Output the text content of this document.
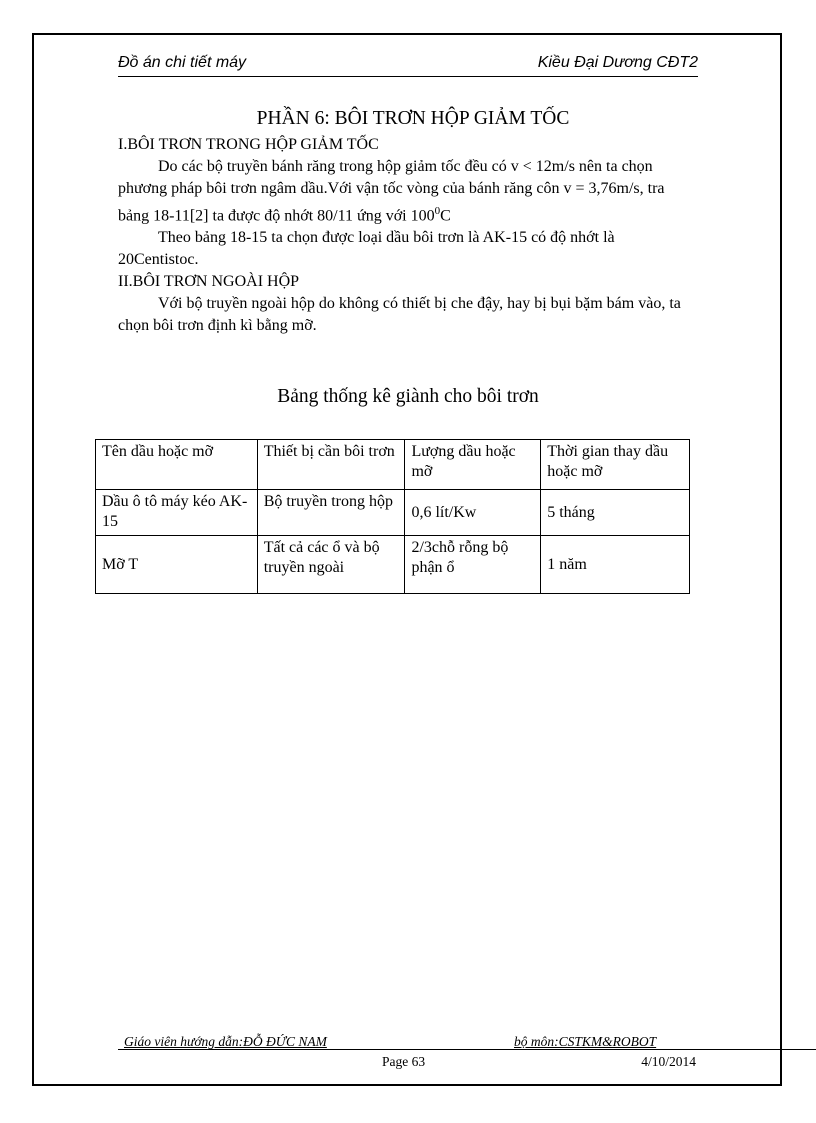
Đồ án chi tiết máy	Kiều Đại Dương CĐT2
PHẦN 6: BÔI TRƠN HỘP GIẢM TỐC
I.BÔI TRƠN TRONG HỘP GIẢM TỐC
Do các bộ truyền bánh răng trong hộp giảm tốc đều có v < 12m/s nên ta chọn phương pháp bôi trơn ngâm dầu.Với vận tốc vòng của bánh răng côn v = 3,76m/s, tra bảng 18-11[2] ta được độ nhớt 80/11 ứng với $100^0C$
Theo bảng 18-15 ta chọn được loại dầu bôi trơn là AK-15 có độ nhớt là 20Centistoc.
II.BÔI TRƠN NGOÀI HỘP
Với bộ truyền ngoài hộp do không có thiết bị che đậy, hay bị bụi bặm bám vào, ta chọn bôi trơn định kì bằng mỡ.
Bảng thống kê giành cho bôi trơn
Tên dầu hoặc mỡ	Thiết bị cần bôi trơn	Lượng dầu hoặc mỡ	Thời gian thay dầu hoặc mỡ
Dầu ô tô máy kéo AK- 15	Bộ truyền trong hộp	0,6 lít/Kw	5 tháng
Mỡ T	Tất cả các ổ và bộ truyền ngoài	2/3chỗ rỗng bộ phận ổ	1 năm
Giáo viên hướng dẫn:ĐỖ ĐỨC NAM	bộ môn:CSTKM&ROBOT
Page 63	4/10/2014
